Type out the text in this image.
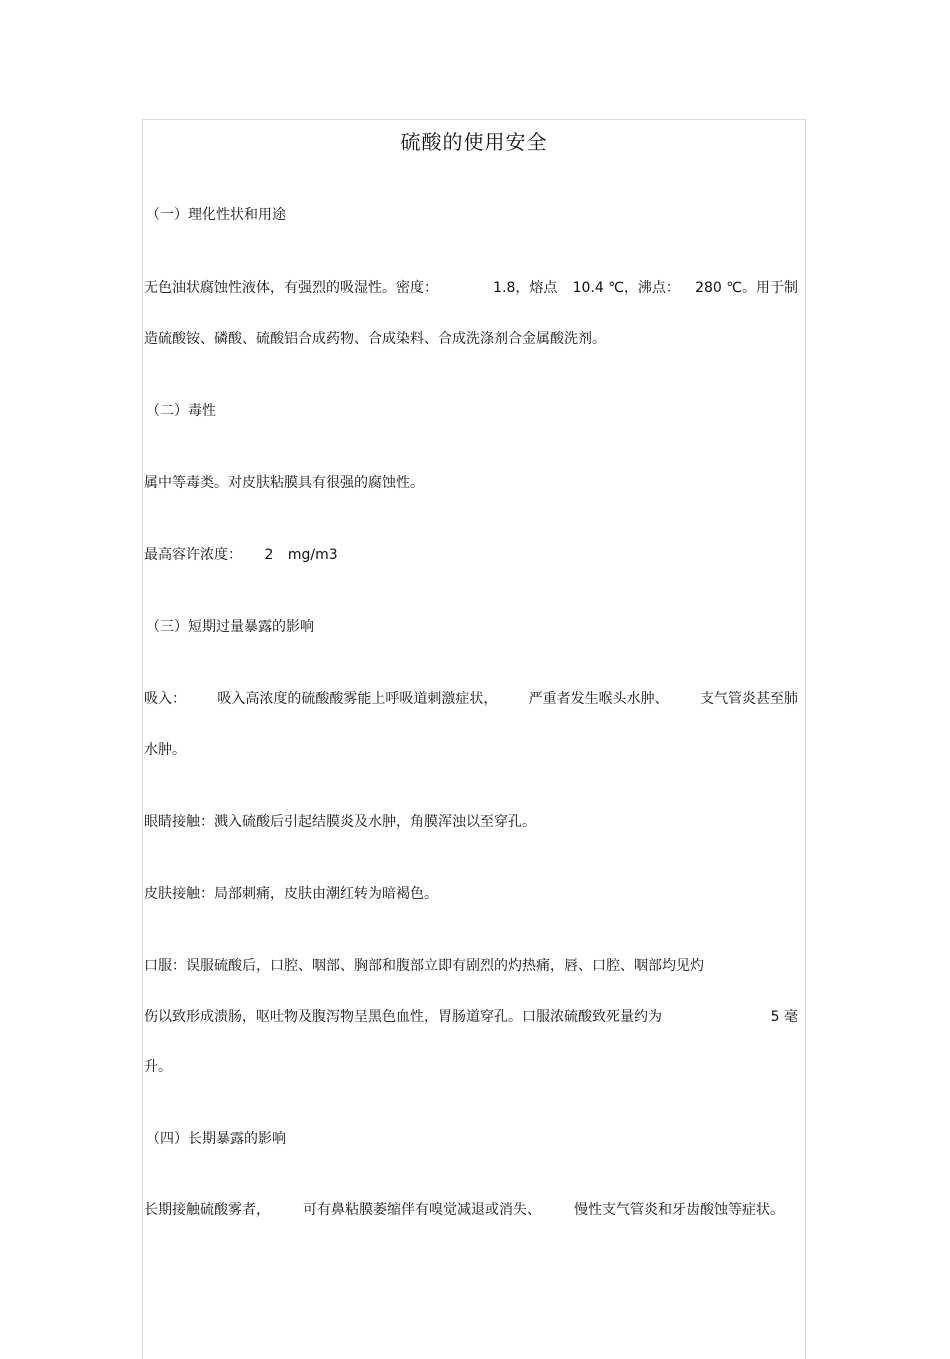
硫酸的使用安全
（一）理化性状和用途
无色油状腐蚀性液体，有强烈的吸湿性。密度：	1.8，熔点 10.4 ℃，沸点： 280 ℃。用于制
造硫酸铵、磷酸、硫酸铝合成药物、合成染料、合成洗涤剂合金属酸洗剂。
（二）毒性
属中等毒类。对皮肤粘膜具有很强的腐蚀性。
最高容许浓度： 2 mg/m3
（三）短期过量暴露的影响
吸入： 吸入高浓度的硫酸酸雾能上呼吸道刺激症状， 严重者发生喉头水肿、 支气管炎甚至肺
水肿。
眼睛接触：溅入硫酸后引起结膜炎及水肿，角膜浑浊以至穿孔。
皮肤接触：局部刺痛，皮肤由潮红转为暗褐色。
口服：误服硫酸后，口腔、咽部、胸部和腹部立即有剧烈的灼热痛，唇、口腔、咽部均见灼
伤以致形成溃肠，呕吐物及腹泻物呈黑色血性，胃肠道穿孔。口服浓硫酸致死量约为	5 毫
升。
（四）长期暴露的影响
长期接触硫酸雾者， 可有鼻粘膜萎缩伴有嗅觉减退或消失、 慢性支气管炎和牙齿酸蚀等症状。
